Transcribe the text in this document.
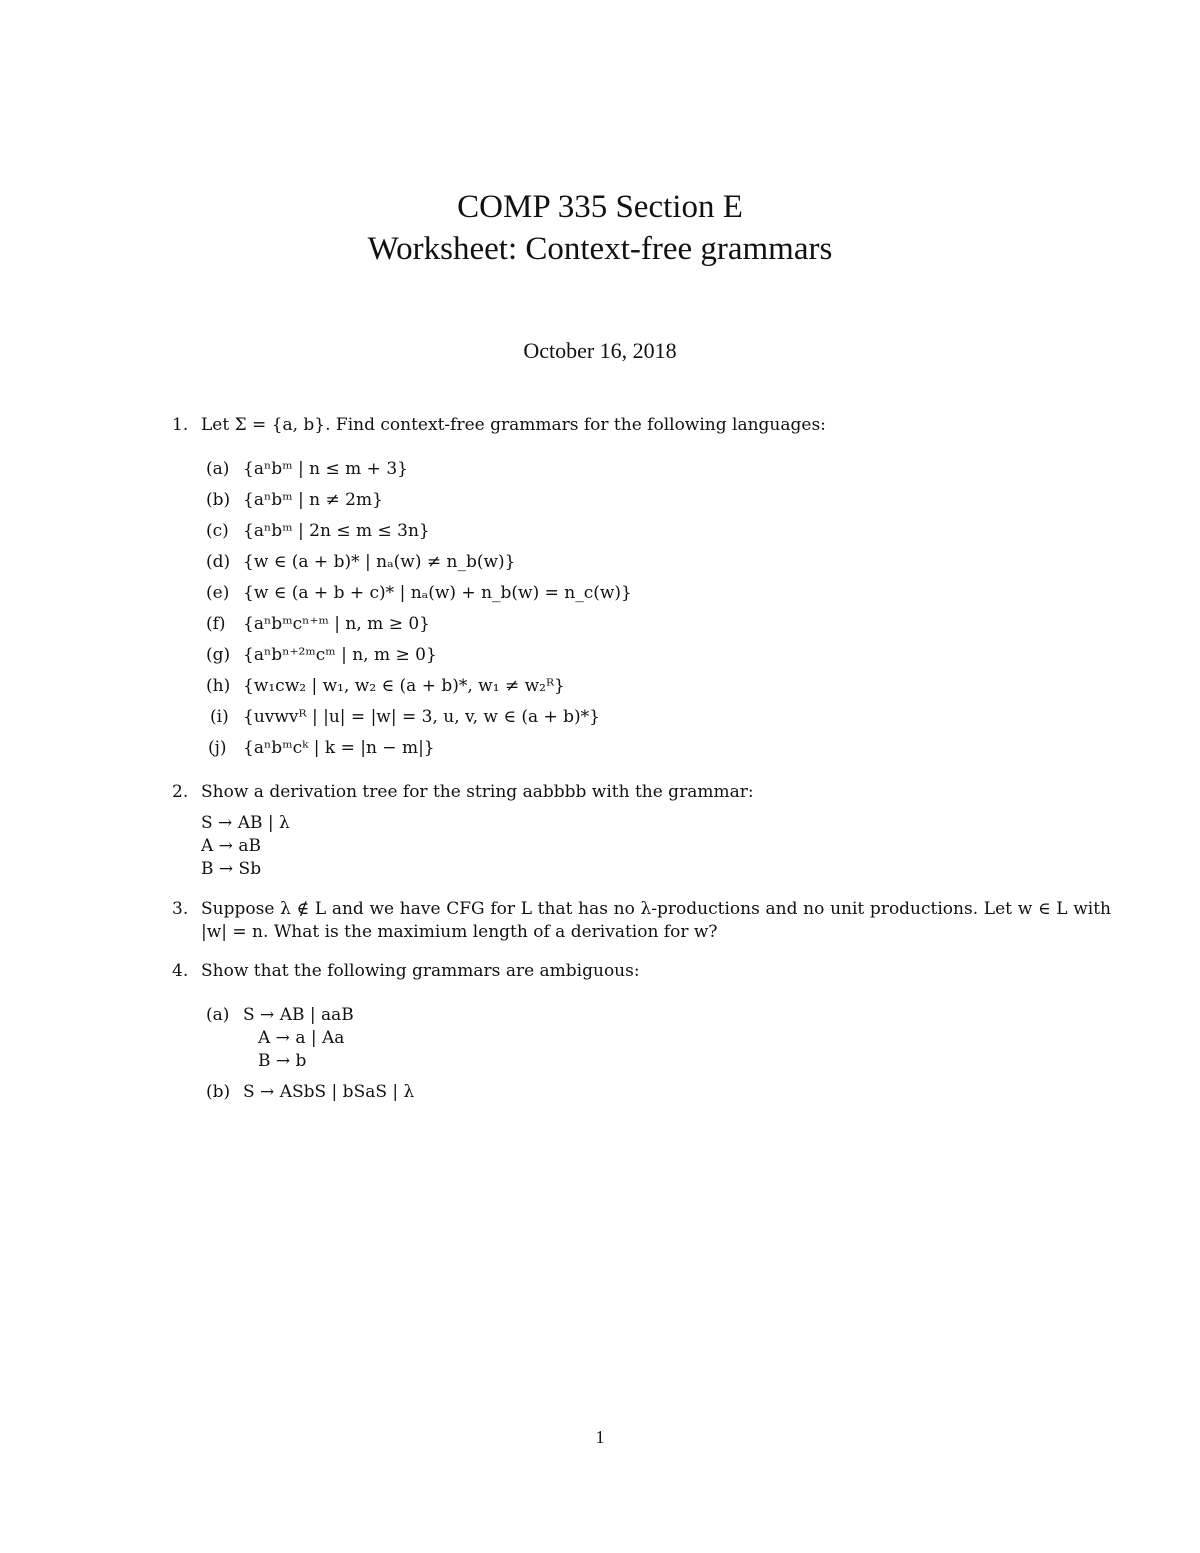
COMP 335 Section E
Worksheet: Context-free grammars
October 16, 2018
1. Let Σ = {a, b}. Find context-free grammars for the following languages:
(a) {aⁿbᵐ | n ≤ m + 3}
(b) {aⁿbᵐ | n ≠ 2m}
(c) {aⁿbᵐ | 2n ≤ m ≤ 3n}
(d) {w ∈ (a + b)* | nₐ(w) ≠ n_b(w)}
(e) {w ∈ (a + b + c)* | nₐ(w) + n_b(w) = n_c(w)}
(f) {aⁿbᵐcⁿ⁺ᵐ | n, m ≥ 0}
(g) {aⁿbⁿ⁺²ᵐcᵐ | n, m ≥ 0}
(h) {w₁cw₂ | w₁, w₂ ∈ (a + b)*, w₁ ≠ w₂ᴿ}
(i) {uvwvᴿ | |u| = |w| = 3, u, v, w ∈ (a + b)*}
(j) {aⁿbᵐcᵏ | k = |n − m|}
2. Show a derivation tree for the string aabbbb with the grammar:
S → AB | λ
A → aB
B → Sb
3. Suppose λ ∉ L and we have CFG for L that has no λ-productions and no unit productions. Let w ∈ L with |w| = n. What is the maximium length of a derivation for w?
4. Show that the following grammars are ambiguous:
(a) S → AB | aaB
A → a | Aa
B → b
(b) S → ASbS | bSaS | λ
1
